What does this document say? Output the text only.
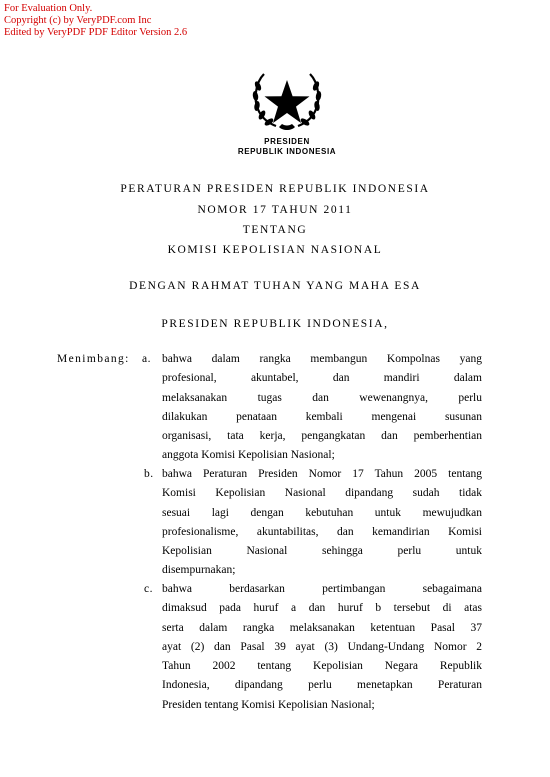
For Evaluation Only.
Copyright (c) by VeryPDF.com Inc
Edited by VeryPDF PDF Editor Version 2.6
PRESIDEN
REPUBLIK INDONESIA
PERATURAN PRESIDEN REPUBLIK INDONESIA
NOMOR 17 TAHUN 2011
TENTANG
KOMISI KEPOLISIAN NASIONAL
DENGAN RAHMAT TUHAN YANG MAHA ESA
PRESIDEN REPUBLIK INDONESIA,
Menimbang: a. bahwa dalam rangka membangun Kompolnas yang
profesional, akuntabel, dan mandiri dalam
melaksanakan tugas dan wewenangnya, perlu
dilakukan penataan kembali mengenai susunan
organisasi, tata kerja, pengangkatan dan pemberhentian
anggota Komisi Kepolisian Nasional;
b. bahwa Peraturan Presiden Nomor 17 Tahun 2005 tentang
Komisi Kepolisian Nasional dipandang sudah tidak
sesuai lagi dengan kebutuhan untuk mewujudkan
profesionalisme, akuntabilitas, dan kemandirian Komisi
Kepolisian Nasional sehingga perlu untuk
disempurnakan;
c. bahwa berdasarkan pertimbangan sebagaimana
dimaksud pada huruf a dan huruf b tersebut di atas
serta dalam rangka melaksanakan ketentuan Pasal 37
ayat (2) dan Pasal 39 ayat (3) Undang-Undang Nomor 2
Tahun 2002 tentang Kepolisian Negara Republik
Indonesia, dipandang perlu menetapkan Peraturan
Presiden tentang Komisi Kepolisian Nasional;
